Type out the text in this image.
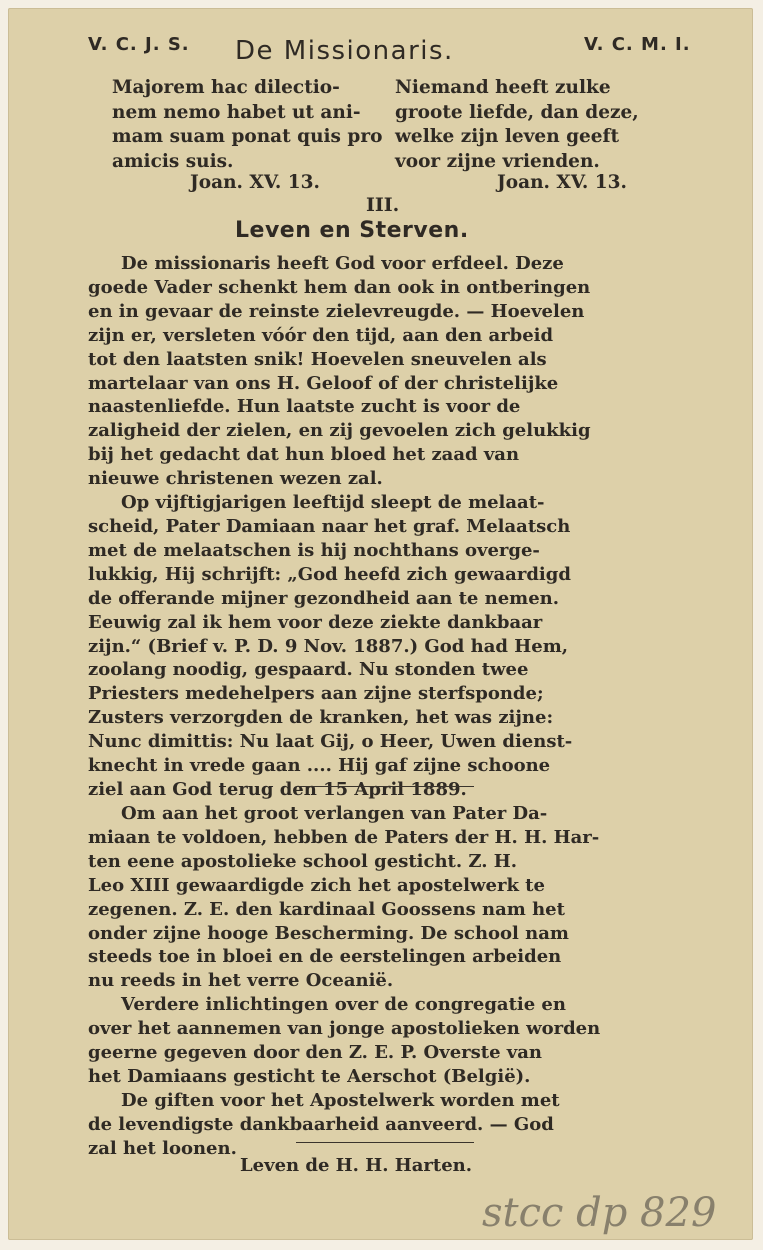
V. C. J. S. De Missionaris.	V. C. M. I.
Majorem hac dilectio-
nem nemo habet ut ani-
mam suam ponat quis pro
amicis suis.
Niemand heeft zulke
groote liefde, dan deze,
welke zijn leven geeft
voor zijne vrienden.
Joan. XV. 13.	Joan. XV. 13.
III.
Leven en Sterven.
De missionaris heeft God voor erfdeel. Deze
goede Vader schenkt hem dan ook in ontberingen
en in gevaar de reinste zielevreugde. — Hoevelen
zijn er, versleten vóór den tijd, aan den arbeid
tot den laatsten snik! Hoevelen sneuvelen als
martelaar van ons H. Geloof of der christelijke
naastenliefde. Hun laatste zucht is voor de
zaligheid der zielen, en zij gevoelen zich gelukkig
bij het gedacht dat hun bloed het zaad van
nieuwe christenen wezen zal.
Op vijftigjarigen leeftijd sleept de melaat-
scheid, Pater Damiaan naar het graf. Melaatsch
met de melaatschen is hij nochthans overge-
lukkig, Hij schrijft: „God heefd zich gewaardigd
de offerande mijner gezondheid aan te nemen.
Eeuwig zal ik hem voor deze ziekte dankbaar
zijn.“ (Brief v. P. D. 9 Nov. 1887.) God had Hem,
zoolang noodig, gespaard. Nu stonden twee
Priesters medehelpers aan zijne sterfsponde;
Zusters verzorgden de kranken, het was zijne:
Nunc dimittis: Nu laat Gij, o Heer, Uwen dienst-
knecht in vrede gaan .... Hij gaf zijne schoone
ziel aan God terug den 15 April 1889.
Om aan het groot verlangen van Pater Da-
miaan te voldoen, hebben de Paters der H. H. Har-
ten eene apostolieke school gesticht. Z. H.
Leo XIII gewaardigde zich het apostelwerk te
zegenen. Z. E. den kardinaal Goossens nam het
onder zijne hooge Bescherming. De school nam
steeds toe in bloei en de eerstelingen arbeiden
nu reeds in het verre Oceanië.
Verdere inlichtingen over de congregatie en
over het aannemen van jonge apostolieken worden
geerne gegeven door den Z. E. P. Overste van
het Damiaans gesticht te Aerschot (België).
De giften voor het Apostelwerk worden met
de levendigste dankbaarheid aanveerd. — God
zal het loonen.
Leven de H. H. Harten.
stcc dp 829
